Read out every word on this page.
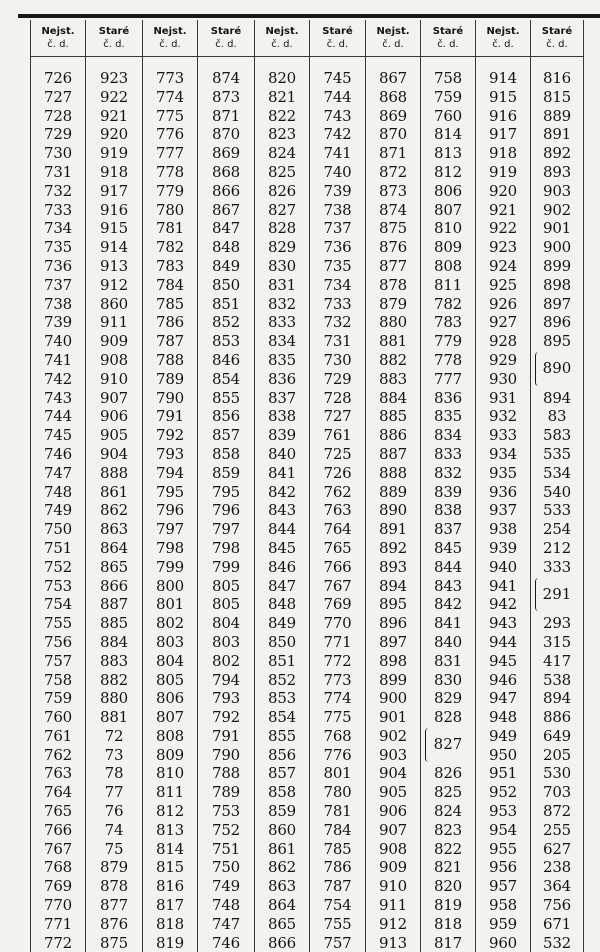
Nejst.
č. d.
726
727
728
729
730
731
732
733
734
735
736
737
738
739
740
741
742
743
744
745
746
747
748
749
750
751
752
753
754
755
756
757
758
759
760
761
762
763
764
765
766
767
768
769
770
771
772
Staré
č. d.
923
922
921
920
919
918
917
916
915
914
913
912
860
911
909
908
910
907
906
905
904
888
861
862
863
864
865
866
887
885
884
883
882
880
881
72
73
78
77
76
74
75
879
878
877
876
875
Nejst.
č. d.
773
774
775
776
777
778
779
780
781
782
783
784
785
786
787
788
789
790
791
792
793
794
795
796
797
798
799
800
801
802
803
804
805
806
807
808
809
810
811
812
813
814
815
816
817
818
819
Staré
č. d.
874
873
871
870
869
868
866
867
847
848
849
850
851
852
853
846
854
855
856
857
858
859
795
796
797
798
799
805
805
804
803
802
794
793
792
791
790
788
789
753
752
751
750
749
748
747
746
Nejst.
č. d.
820
821
822
823
824
825
826
827
828
829
830
831
832
833
834
835
836
837
838
839
840
841
842
843
844
845
846
847
848
849
850
851
852
853
854
855
856
857
858
859
860
861
862
863
864
865
866
Staré
č. d.
745
744
743
742
741
740
739
738
737
736
735
734
733
732
731
730
729
728
727
761
725
726
762
763
764
765
766
767
769
770
771
772
773
774
775
768
776
801
780
781
784
785
786
787
754
755
757
Nejst.
č. d.
867
868
869
870
871
872
873
874
875
876
877
878
879
880
881
882
883
884
885
886
887
888
889
890
891
892
893
894
895
896
897
898
899
900
901
902
903
904
905
906
907
908
909
910
911
912
913
Staré
č. d.
758
759
760
814
813
812
806
807
810
809
808
811
782
783
779
778
777
836
835
834
833
832
839
838
837
845
844
843
842
841
840
831
830
829
828
826
825
824
823
822
821
820
819
818
817
827
Nejst.
č. d.
914
915
916
917
918
919
920
921
922
923
924
925
926
927
928
929
930
931
932
933
934
935
936
937
938
939
940
941
942
943
944
945
946
947
948
949
950
951
952
953
954
955
956
957
958
959
960
Staré
č. d.
816
815
889
891
892
893
903
902
901
900
899
898
897
896
895
894
83
583
535
534
540
533
254
212
333
293
315
417
538
894
886
649
205
530
703
872
255
627
238
364
756
671
532
890
291
